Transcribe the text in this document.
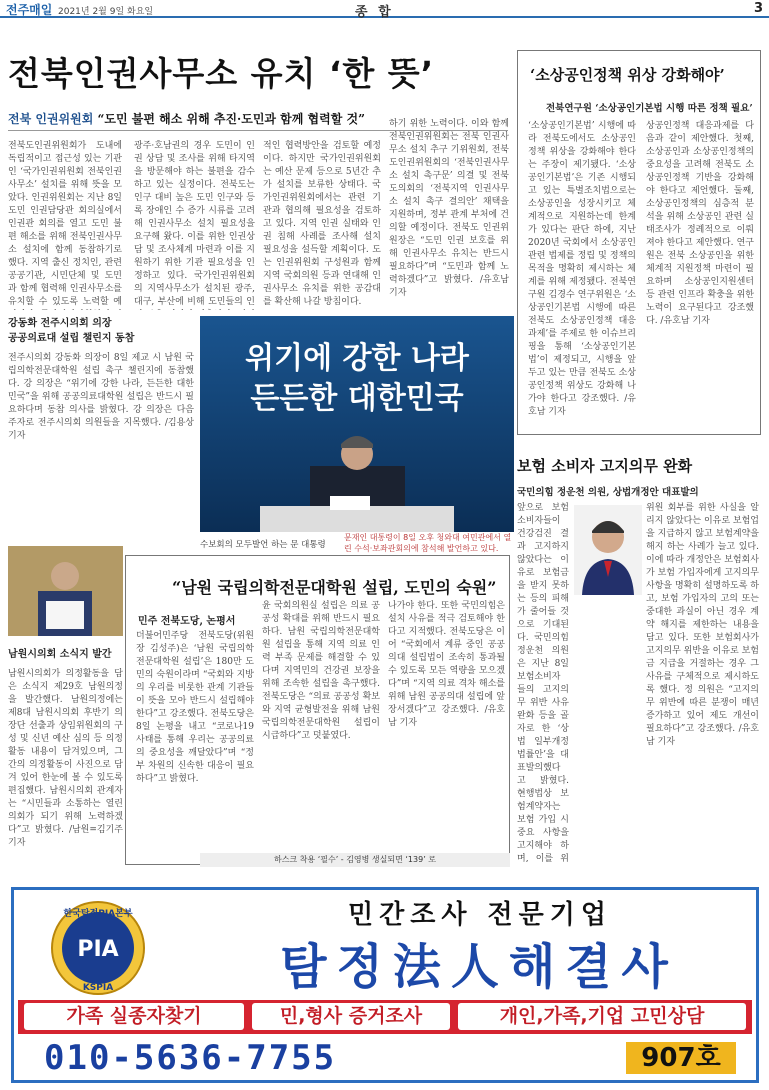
전주매일 2021년 2월 9일 화요일	종 합	3
전북인권사무소 유치 ‘한 뜻’
전북 인권위원회 “도민 불편 해소 위해 추진·도민과 함께 협력할 것”
전북도인권위원회가 도내에 독립적이고 접근성 있는 기관인 ‘국가인권위원회 전북인권사무소’ 설치를 위해 뜻을 모았다. 인권위원회는 지난 8일 도민 인권담당관 회의실에서 인권관 회의를 열고 도민 불편 해소를 위해 전북인권사무소 설치에 함께 동참하기로 했다. 지역 출신 정치인, 관련 공공기관, 시민단체 및 도민과 함께 협력해 인권사무소를 유치할 수 있도록 노력할 예
광주·호남권의 경우 도민이 인권 상담 및 조사를 위해 타지역을 방문해야 하는 불편을 감수하고 있는 실정이다. 전북도는 인구 대비 높은 도민 인구와 등록 장애인 수 증가 시류를 고려해 인권사무소 설치 필요성을 요구해 왔다. 이를 위한 인권상담 및 조사체계 마련과 이를 지원하기 위한 기관 필요성을 인정하고 있다. 국가인권위원회의 지역사무소가 설치된 광주, 대구, 부산에 비해 도민들의 인
적인 협력방안을 검토할 예정이다. 하지만 국가인권위원회는 예산 문제 등으로 5년간 추가 설치를 보류한 상태다. 국가인권위원회에서는 관련 기관과 협의해 필요성을 검토하고 있다. 지역 인권 실태와 인권 침해 사례를 조사해 설치 필요성을 설득할 계획이다. 도는 인권위원회 구성원과 함께 지역 국회의원 등과 연대해 인권사무소 유치를 위한 공감대를 확산해 나갈 방침이다.
하기 위한 노력이다. 이와 함께 전북인권위원회는 전북 인권사무소 설치 추구 기위원회, 전북도인권위원회의 ‘전북인권사무소 설치 촉구문’ 의결 및 전북도의회의 ‘전북지역 인권사무소 설치 촉구 결의안’ 채택을 지원하며, 정부 관계 부처에 건의할 예정이다. 전북도 인권위원장은 “도민 인권 보호를 위해 인권사무소 유치는 반드시 필요하다”며 “도민과 함께 노력하겠다”고 밝혔다. /유호남 기자
‘소상공인정책 위상 강화해야’
전북연구원 ‘소상공인기본법 시행 따른 정책 필요’
‘소상공인기본법’ 시행에 따라 전북도에서도 소상공인정책 위상을 강화해야 한다는 주장이 제기됐다. ‘소상공인기본법’은 기존 시행되고 있는 특별조치법으로는 소상공인을 성장시키고 체계적으로 지원하는데 한계가 있다는 판단 하에, 지난 2020년 국회에서 소상공인 관련 법제를 정립 및 정책의 목적을 명확히 제시하는 체계를 위해 제정됐다. 전북연구원 김경수 연구위원은 ‘소상공인기본법 시행에 따른 전북도 소상공인정책 대응과제’를 주제로 한 이슈브리핑을 통해 ‘소상공인기본법’이 제정되고, 시행을 앞두고 있는 만큼 전북도 소상공인정책 위상도 강화해 나가야 한다고 강조했다. /유호남 기자
상공인정책 대응과제를 다음과 같이 제안했다. 첫째, 소상공인과 소상공인정책의 중요성을 고려해 전북도 소상공인정책 기반을 강화해야 한다고 제언했다. 둘째, 소상공인정책의 심층적 분석을 위해 소상공인 관련 실태조사가 정례적으로 이뤄져야 한다고 제안했다. 연구원은 전북 소상공인을 위한 체계적 지원정책 마련이 필요하며 소상공인지원센터 등 관련 인프라 확충을 위한 노력이 요구된다고 강조했다. /유호남 기자
강동화 전주시의회 의장
공공의료대 설립 챌린지 동참
전주시의회 강동화 의장이 8일 제교 시 남원 국립의학전문대학원 설립 촉구 챌린지에 동참했다. 강 의장은 “위기에 강한 나라, 든든한 대한민국”을 위해 공공의료대학원 설립은 반드시 필요하다며 동참 의사를 밝혔다. 강 의장은 다음 주자로 전주시의회 의원들을 지목했다. /김용상 기자
위기에 강한 나라
든든한 대한민국
수보회의 모두발언 하는 문 대통령
문재인 대통령이 8일 오후 청와대 여민관에서 열린 수석·보좌관회의에 참석해 발언하고 있다.
남원시의회 소식지 발간
남원시의회가 의정활동을 담은 소식지 제29호 남원의정을 발간했다. 남원의정에는 제8대 남원시의회 후반기 의장단 선출과 상임위원회의 구성 및 신년 예산 심의 등 의정활동 내용이 담겨있으며, 그간의 의정활동이 사진으로 담겨 있어 한눈에 볼 수 있도록 편집했다. 남원시의회 관계자는 “시민들과 소통하는 열린 의회가 되기 위해 노력하겠다”고 밝혔다. /남원=김기주 기자
“남원 국립의학전문대학원 설립, 도민의 숙원”
민주 전북도당, 논평서
더불어민주당 전북도당(위원장 김성주)은 ‘남원 국립의학전문대학원 설립’은 180만 도민의 숙원이라며 “국회와 지방의 우리를 비롯한 관계 기관들이 뜻을 모아 반드시 설립해야 한다”고 강조했다. 전북도당은 8일 논평을 내고 “코로나19 사태를 통해 우리는 공공의료의 중요성을 깨달았다”며 “정부 차원의 신속한 대응이 필요하다”고 밝혔다.
윤 국회의원실 설립은 의료 공공성 확대를 위해 반드시 필요하다. 남원 국립의학전문대학원 설립을 통해 지역 의료 인력 부족 문제를 해결할 수 있다며 지역민의 건강권 보장을 위해 조속한 설립을 촉구했다. 전북도당은 “의료 공공성 확보와 지역 균형발전을 위해 남원 국립의학전문대학원 설립이 시급하다”고 덧붙였다.
나가야 한다. 또한 국민의힘은 설치 사유를 적극 검토해야 한다고 지적했다. 전북도당은 이어 “국회에서 계류 중인 공공의대 설립법이 조속히 통과될 수 있도록 모든 역량을 모으겠다”며 “지역 의료 격차 해소를 위해 남원 공공의대 설립에 앞장서겠다”고 강조했다. /유호남 기자
하스크 착용 ‘필수’ - 김영병 생실되면 ‘139’ 로
보험 소비자 고지의무 완화
국민의힘 정운천 의원, 상법개정안 대표발의
앞으로 보험 소비자들이 건강검진 결과 고지하지 않았다는 이유로 보험금을 받지 못하는 등의 피해가 줄어들 것으로 기대된다. 국민의힘 정운천 의원은 지난 8일 보험소비자들의 고지의무 위반 사유 완화 등을 골자로 한 ‘상법 일부개정법률안’을 대표발의했다고 밝혔다. 현행법상 보험계약자는 보험 가입 시 중요 사항을 고지해야 하며, 이를 위
위원 회부를 위한 사실을 알리지 않았다는 이유로 보험업을 지급하지 않고 보험계약을 해지 하는 사례가 늘고 있다. 이에 따라 개정안은 보험회사가 보험 가입자에게 고지의무 사항을 명확히 설명하도록 하고, 보험 가입자의 고의 또는 중대한 과실이 아닌 경우 계약 해지를 제한하는 내용을 담고 있다. 또한 보험회사가 고지의무 위반을 이유로 보험금 지급을 거절하는 경우 그 사유를 구체적으로 제시하도록 했다. 정 의원은 “고지의무 위반에 따른 분쟁이 매년 증가하고 있어 제도 개선이 필요하다”고 강조했다. /유호남 기자
한국탐정PIA본부
PIA
KSPIA
민간조사 전문기업
탐정法人해결사
가족 실종자찾기	민,형사 증거조사	개인,가족,기업 고민상담
010-5636-7755	907호
